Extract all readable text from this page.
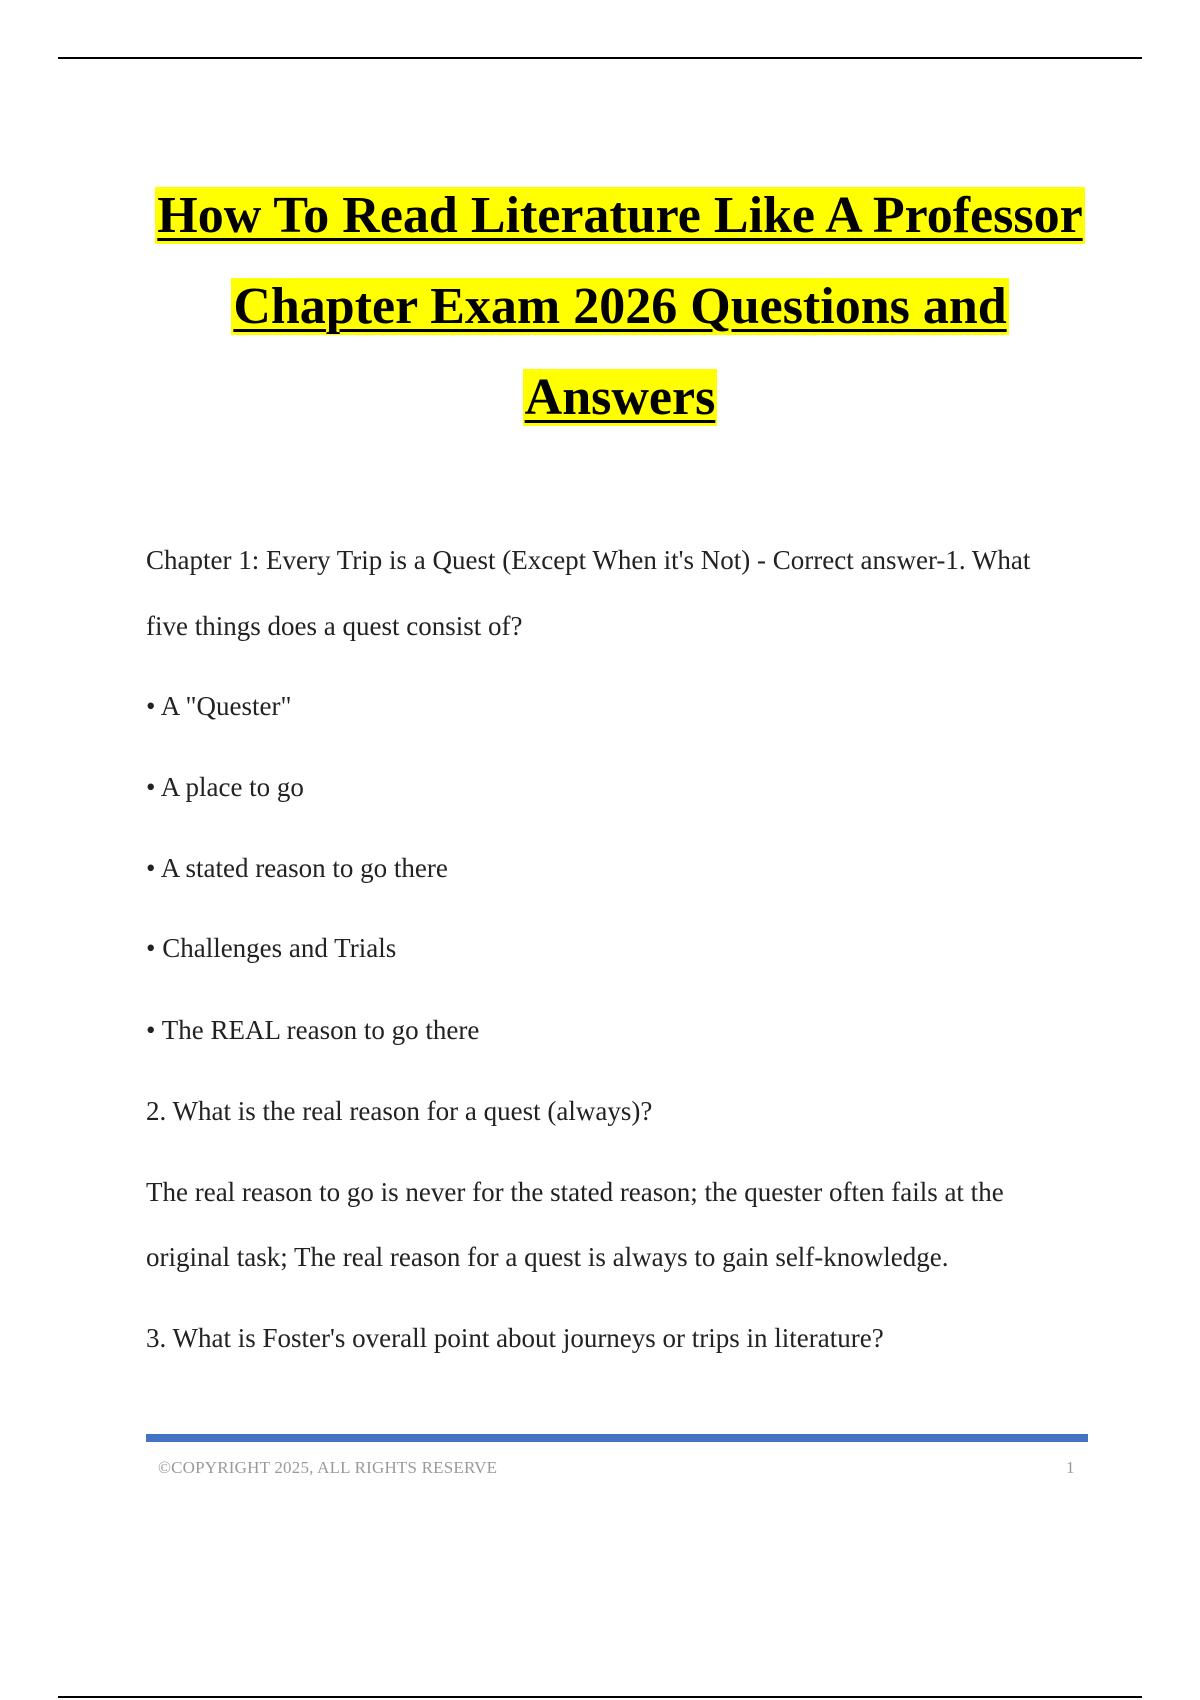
How To Read Literature Like A Professor
Chapter Exam 2026 Questions and
Answers
Chapter 1: Every Trip is a Quest (Except When it's Not) - Correct answer-1. What
five things does a quest consist of?
• A "Quester"
• A place to go
• A stated reason to go there
• Challenges and Trials
• The REAL reason to go there
2. What is the real reason for a quest (always)?
The real reason to go is never for the stated reason; the quester often fails at the
original task; The real reason for a quest is always to gain self-knowledge.
3. What is Foster's overall point about journeys or trips in literature?
©COPYRIGHT 2025, ALL RIGHTS RESERVE	1
